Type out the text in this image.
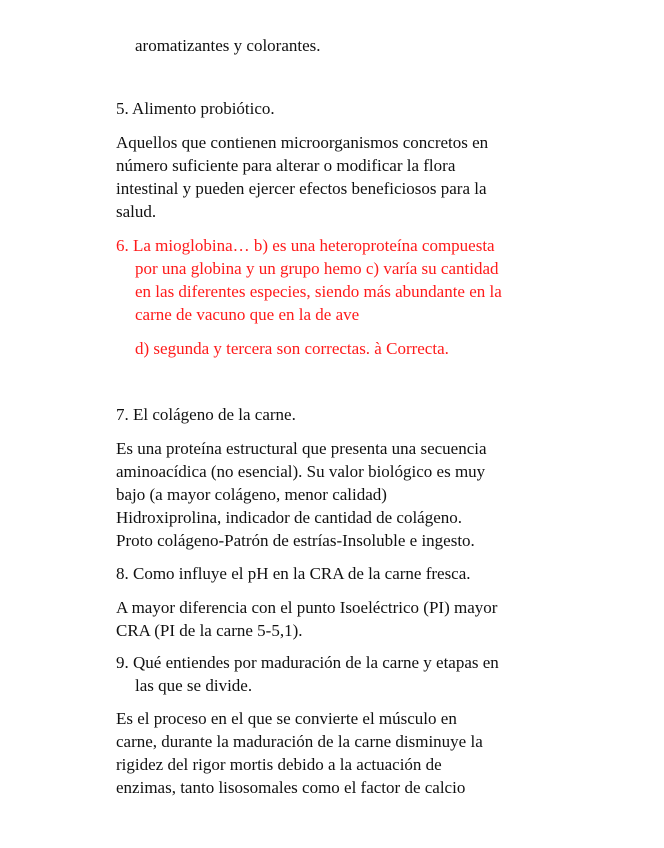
aromatizantes y colorantes.
5. Alimento probiótico.
Aquellos que contienen microorganismos concretos en
número suficiente para alterar o modificar la flora
intestinal y pueden ejercer efectos beneficiosos para la
salud.
6. La mioglobina… b) es una heteroproteína compuesta
por una globina y un grupo hemo c) varía su cantidad
en las diferentes especies, siendo más abundante en la
carne de vacuno que en la de ave
d) segunda y tercera son correctas. à Correcta.
7. El colágeno de la carne.
Es una proteína estructural que presenta una secuencia
aminoacídica (no esencial). Su valor biológico es muy
bajo (a mayor colágeno, menor calidad)
Hidroxiprolina, indicador de cantidad de colágeno.
Proto colágeno-Patrón de estrías-Insoluble e ingesto.
8. Como influye el pH en la CRA de la carne fresca.
A mayor diferencia con el punto Isoeléctrico (PI) mayor
CRA (PI de la carne 5-5,1).
9. Qué entiendes por maduración de la carne y etapas en
las que se divide.
Es el proceso en el que se convierte el músculo en
carne, durante la maduración de la carne disminuye la
rigidez del rigor mortis debido a la actuación de
enzimas, tanto lisosomales como el factor de calcio
